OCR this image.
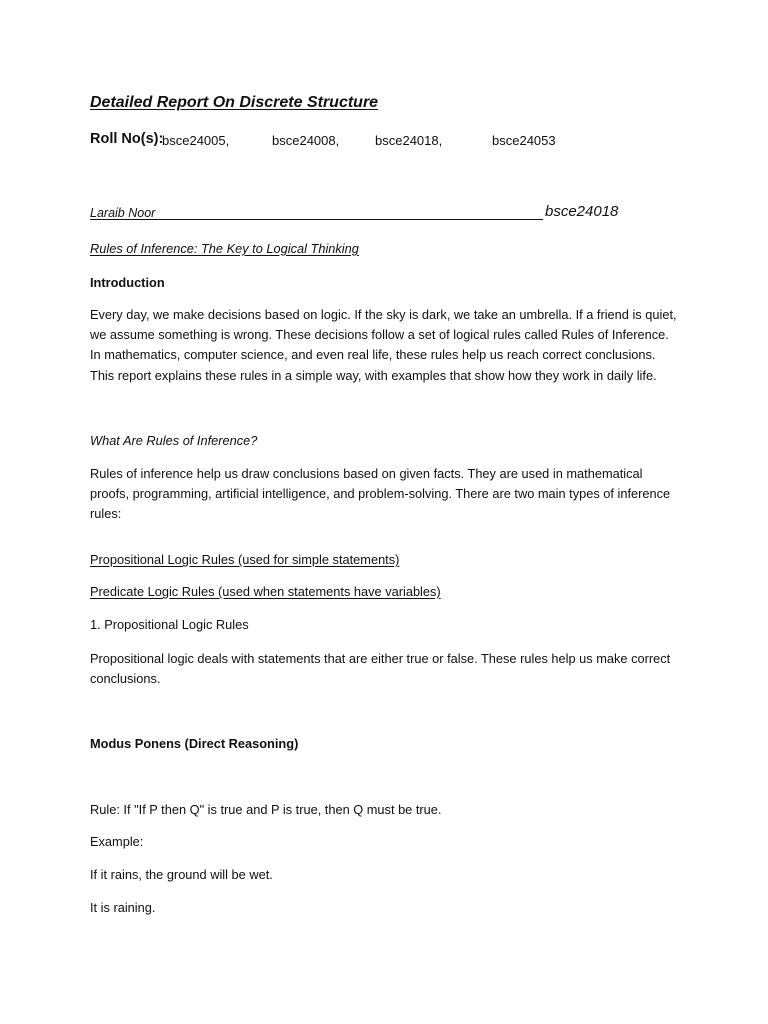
Detailed Report On Discrete Structure

Roll No(s):

bsce24005,	bsce24008,	bsce24018,	bsce24053
Laraib Noor	bsce24018

Rules of Inference: The Key to Logical Thinking

Introduction

Every day, we make decisions based on logic. If the sky is dark, we take an umbrella. If a friend is quiet, we assume something is wrong. These decisions follow a set of logical rules called Rules of Inference. In mathematics, computer science, and even real life, these rules help us reach correct conclusions. This report explains these rules in a simple way, with examples that show how they work in daily life.

What Are Rules of Inference?

Rules of inference help us draw conclusions based on given facts. They are used in mathematical proofs, programming, artificial intelligence, and problem-solving. There are two main types of inference rules:

Propositional Logic Rules (used for simple statements)

Predicate Logic Rules (used when statements have variables)

1. Propositional Logic Rules

Propositional logic deals with statements that are either true or false. These rules help us make correct conclusions.

Modus Ponens (Direct Reasoning)

Rule: If "If P then Q" is true and P is true, then Q must be true.

Example:

If it rains, the ground will be wet.

It is raining.
